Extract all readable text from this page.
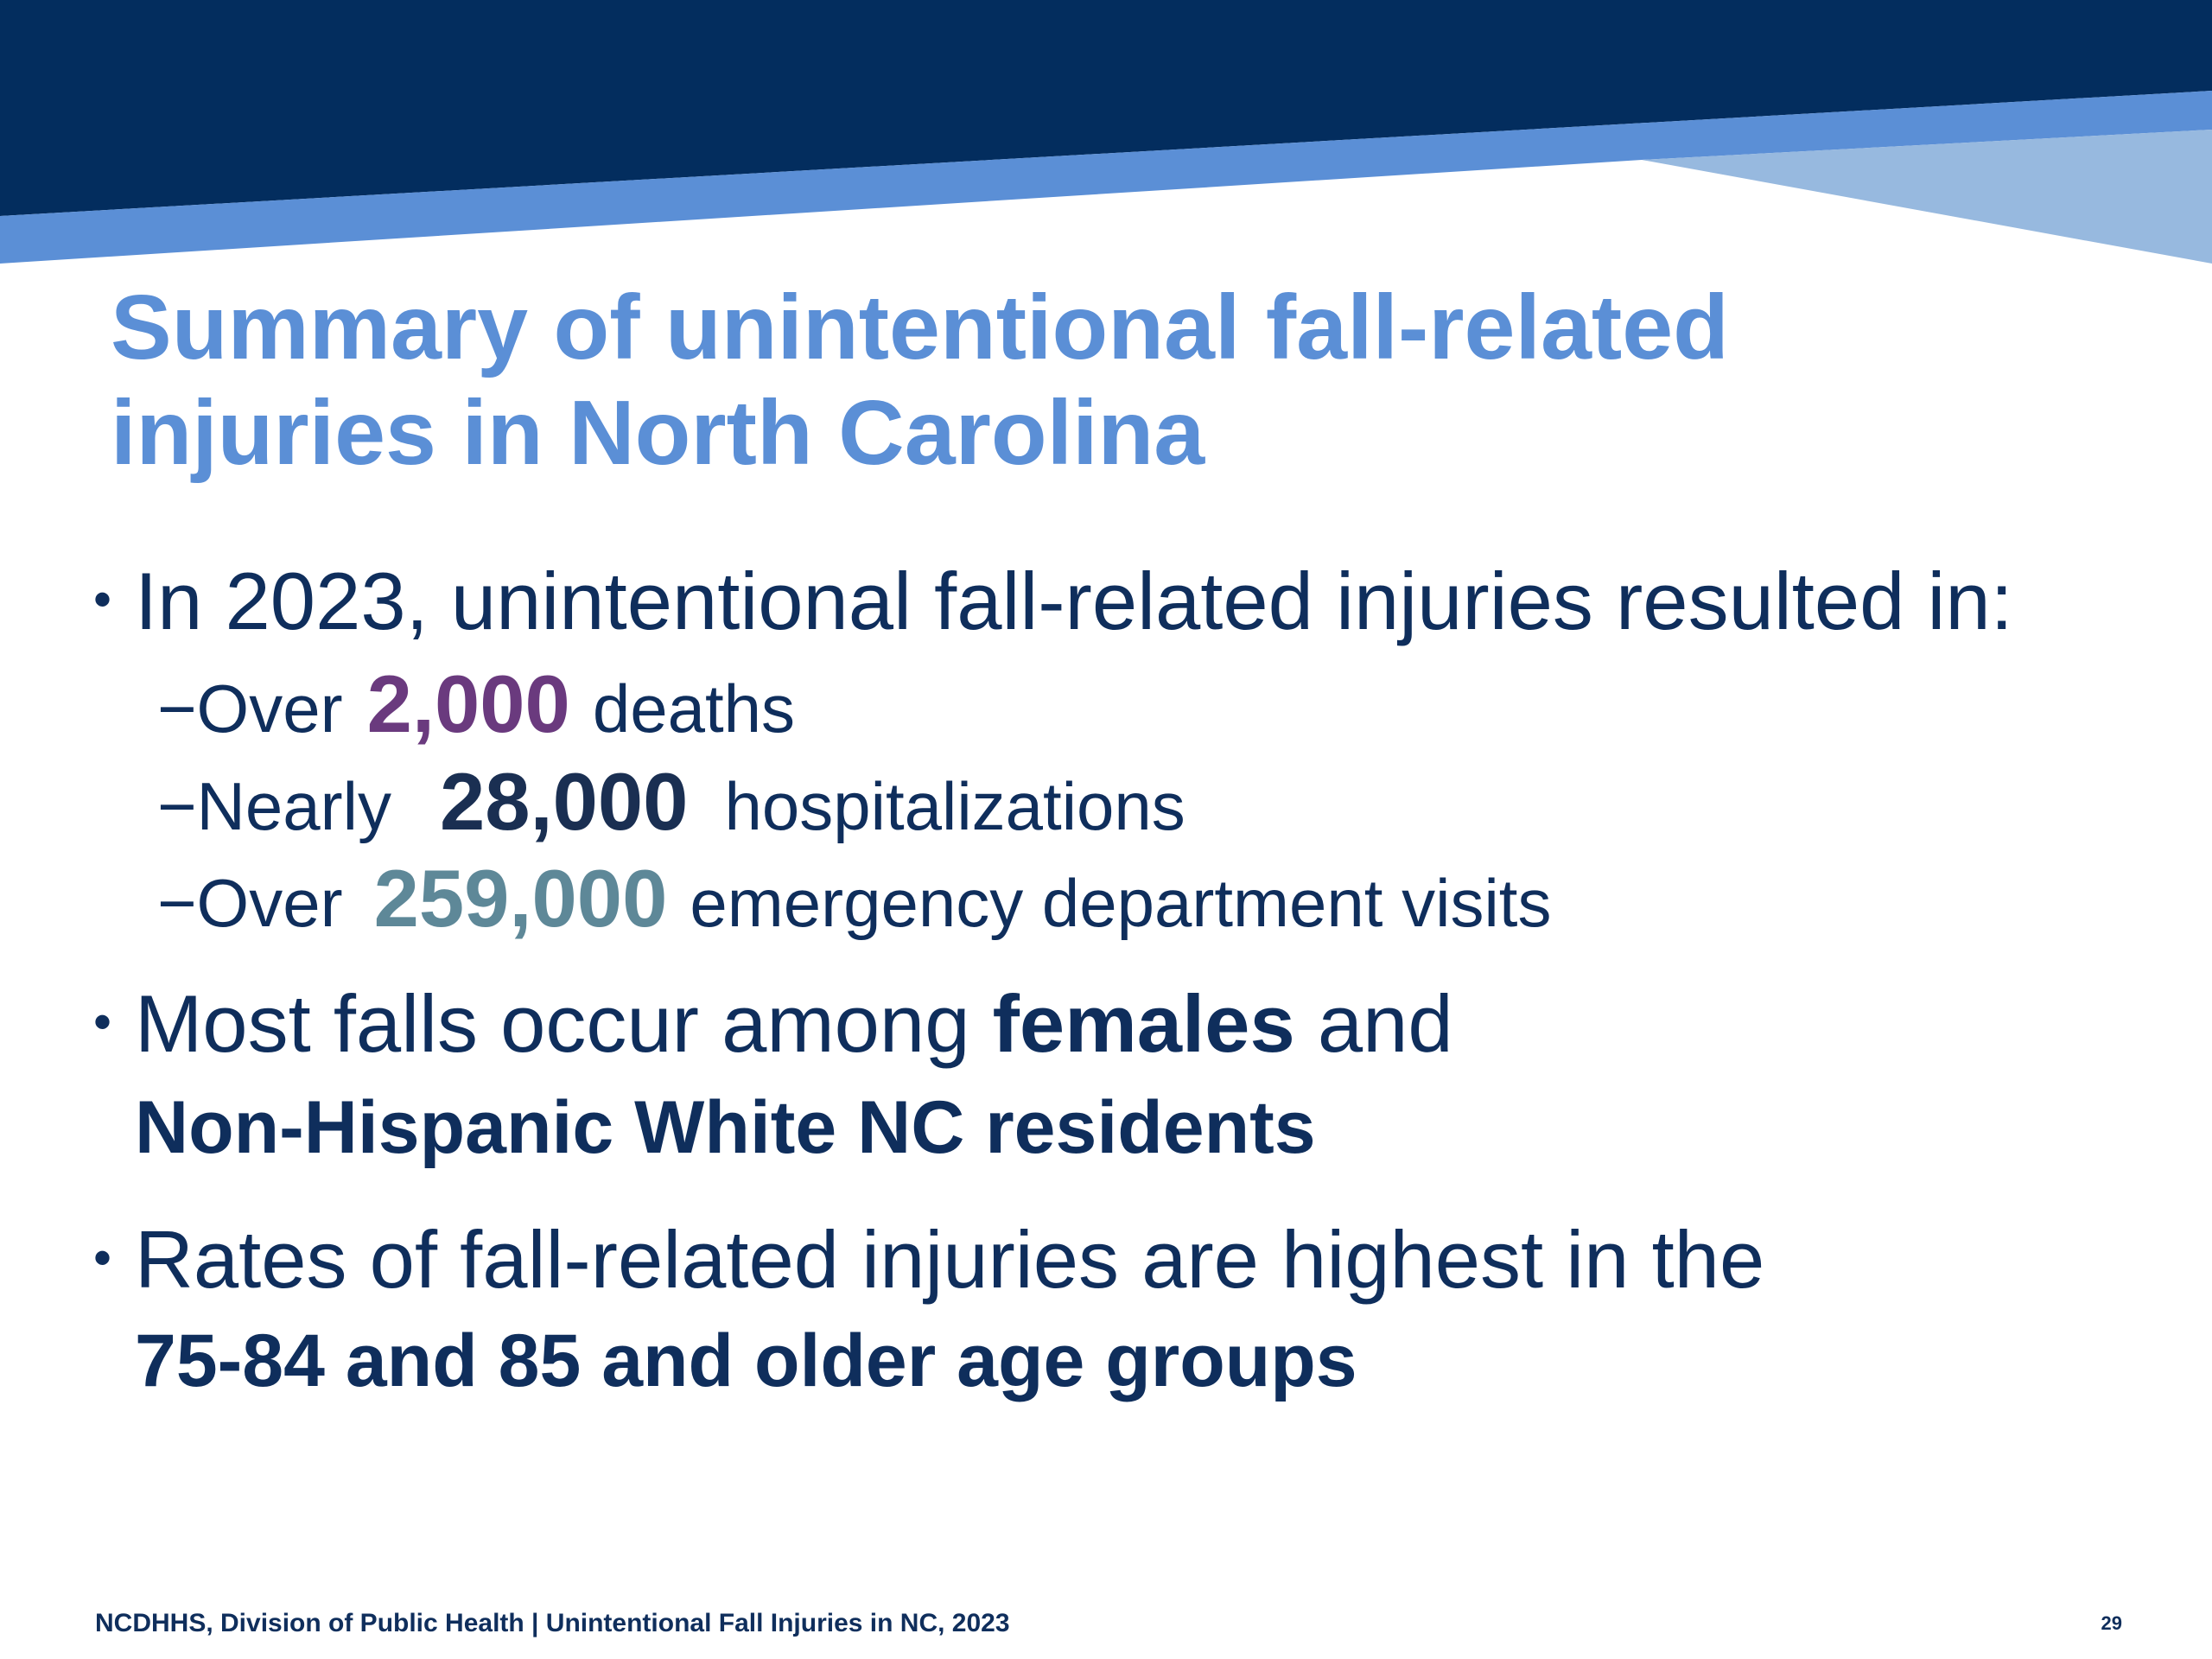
Summary of unintentional fall-related
injuries in North Carolina

• In 2023, unintentional fall-related injuries resulted in:

−Over 2,000 deaths

−Nearly 28,000 hospitalizations

−Over 259,000 emergency department visits

• Most falls occur among females and

Non-Hispanic White NC residents

• Rates of fall-related injuries are highest in the

75-84 and 85 and older age groups

NCDHHS, Division of Public Health | Unintentional Fall Injuries in NC, 2023	29
